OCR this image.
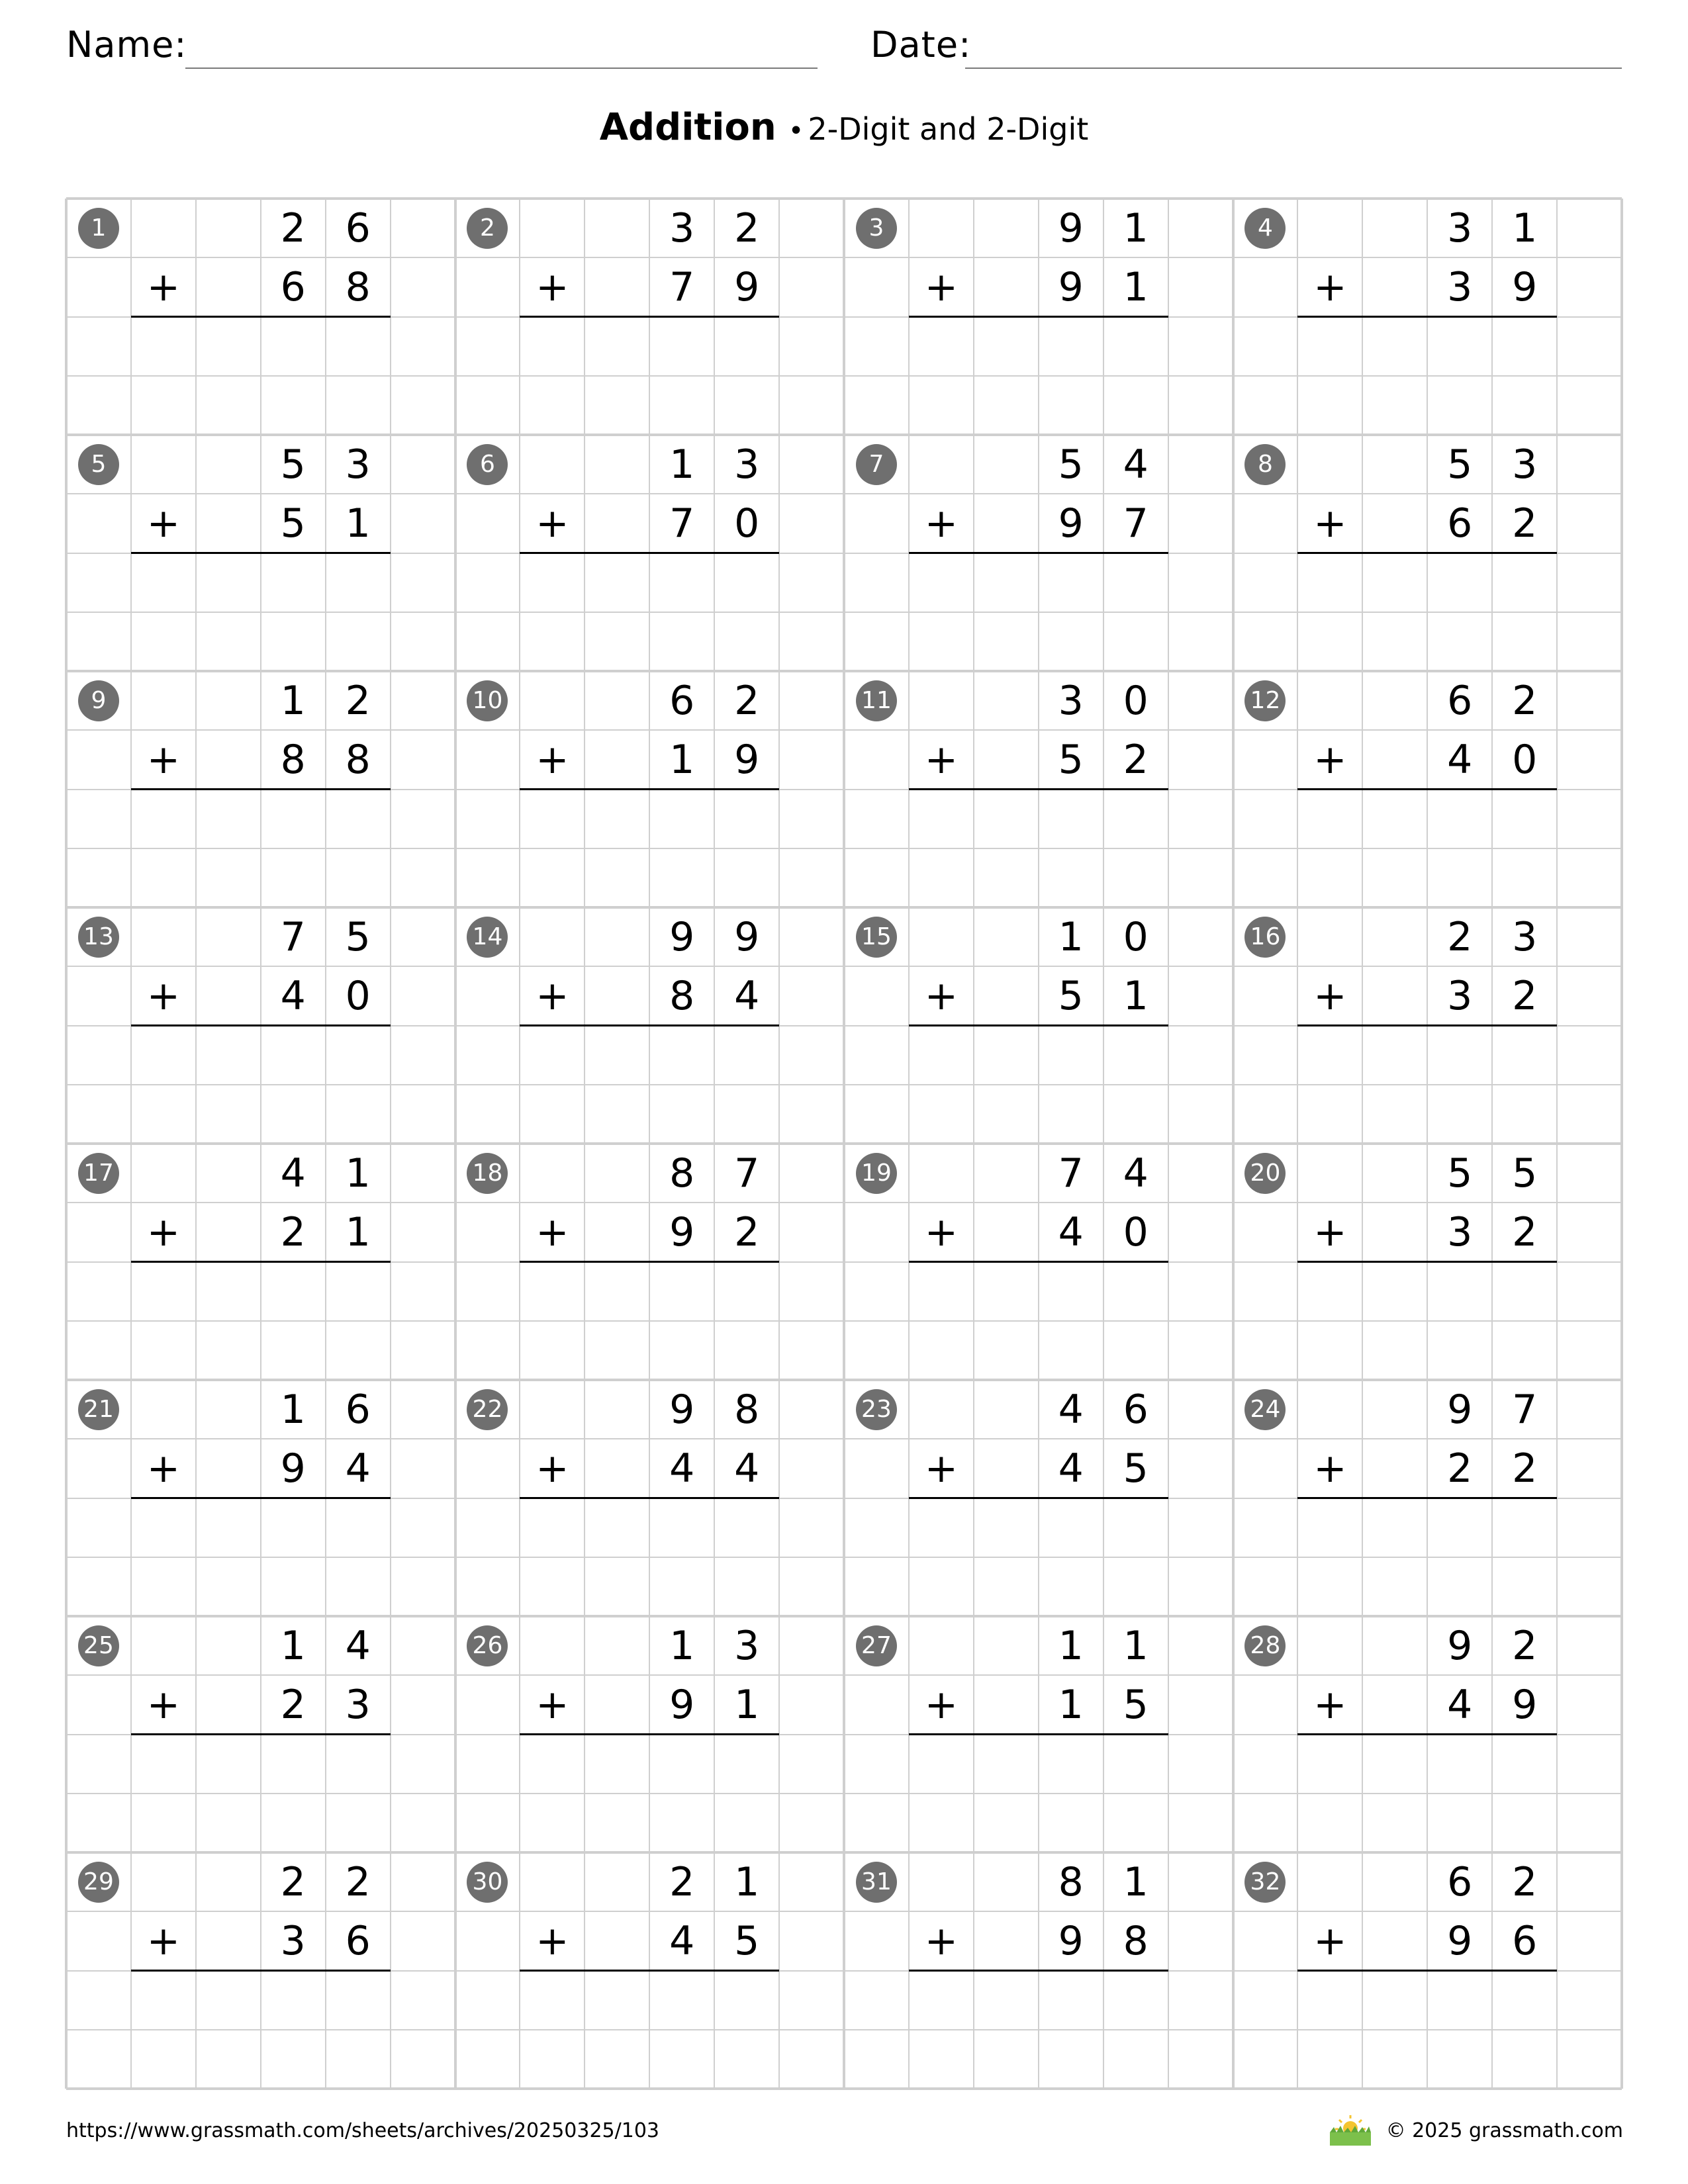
Name:	Date:
Addition • 2-Digit and 2-Digit
1	2 6
6 8
+
2	3 2
7 9
+
3	9 1
9 1
+
4	3 1
3 9
+
5	5 3
5 1
+
6	1 3
7 0
+
7	5 4
9 7
+
8	5 3
6 2
+
9	1 2
8 8
+
10	6 2
1 9
+
11	3 0
5 2
+
12	6 2
4 0
+
13	7 5
4 0
+
14	9 9
8 4
+
15	1 0
5 1
+
16	2 3
3 2
+
17	4 1
2 1
+
18	8 7
9 2
+
19	7 4
4 0
+
20	5 5
3 2
+
21	1 6
9 4
+
22	9 8
4 4
+
23	4 6
4 5
+
24	9 7
2 2
+
25	1 4
2 3
+
26	1 3
9 1
+
27	1 1
1 5
+
28	9 2
4 9
+
29	2 2
3 6
+
30	2 1
4 5
+
31	8 1
9 8
+
32	6 2
9 6
+
https://www.grassmath.com/sheets/archives/20250325/103	© 2025 grassmath.com
